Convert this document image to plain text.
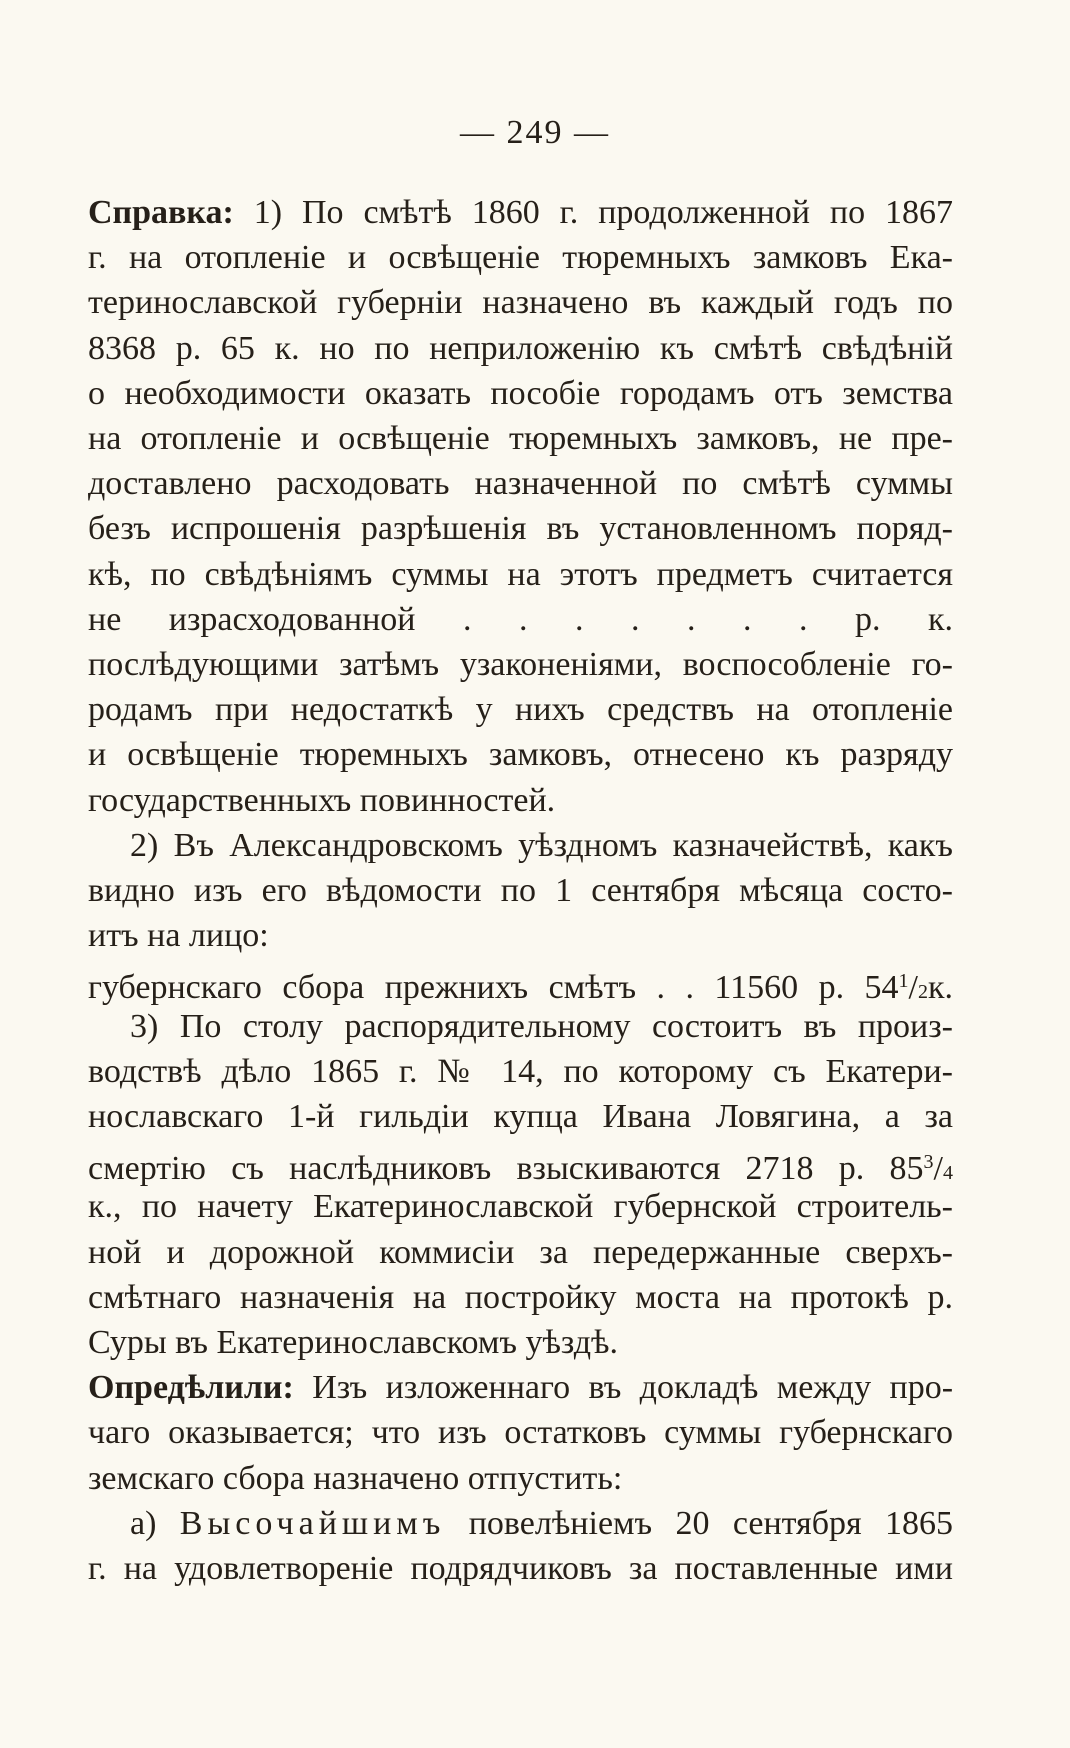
— 249 —
Справка: 1) По смѣтѣ 1860 г. продолженной по 1867
г. на отопленіе и освѣщеніе тюремныхъ замковъ Ека-
теринославской губерніи назначено въ каждый годъ по
8368 р. 65 к. но по неприложенію къ смѣтѣ свѣдѣній
о необходимости оказать пособіе городамъ отъ земства
на отопленіе и освѣщеніе тюремныхъ замковъ, не пре-
доставлено расходовать назначенной по смѣтѣ суммы
безъ испрошенія разрѣшенія въ установленномъ поряд-
кѣ, по свѣдѣніямъ суммы на этотъ предметъ считается
не израсходованной . . . . . . . р. к.
послѣдующими затѣмъ узаконеніями, воспособленіе го-
родамъ при недостаткѣ у нихъ средствъ на отопленіе
и освѣщеніе тюремныхъ замковъ, отнесено къ разряду
государственныхъ повинностей.
2) Въ Александровскомъ уѣздномъ казначействѣ, какъ
видно изъ его вѣдомости по 1 сентября мѣсяца состо-
итъ на лицо:
губернскаго сбора прежнихъ смѣтъ . . 11560 р. $54^1/2к$.
3) По столу распорядительному состоитъ въ произ-
водствѣ дѣло 1865 г. № 14, по которому съ Екатери-
нославскаго 1-й гильдіи купца Ивана Ловягина, а за
смертію съ наслѣдниковъ взыскиваются 2718 р. $85^3/4$
к., по начету Екатеринославской губернской строитель-
ной и дорожной коммисіи за передержанные сверхъ-
смѣтнаго назначенія на постройку моста на протокѣ р.
Суры въ Екатеринославскомъ уѣздѣ.
Опредѣлили: Изъ изложеннаго въ докладѣ между про-
чаго оказывается; что изъ остатковъ суммы губернскаго
земскаго сбора назначено отпустить:
а) Высочайшимъ повелѣніемъ 20 сентября 1865
г. на удовлетвореніе подрядчиковъ за поставленные ими
